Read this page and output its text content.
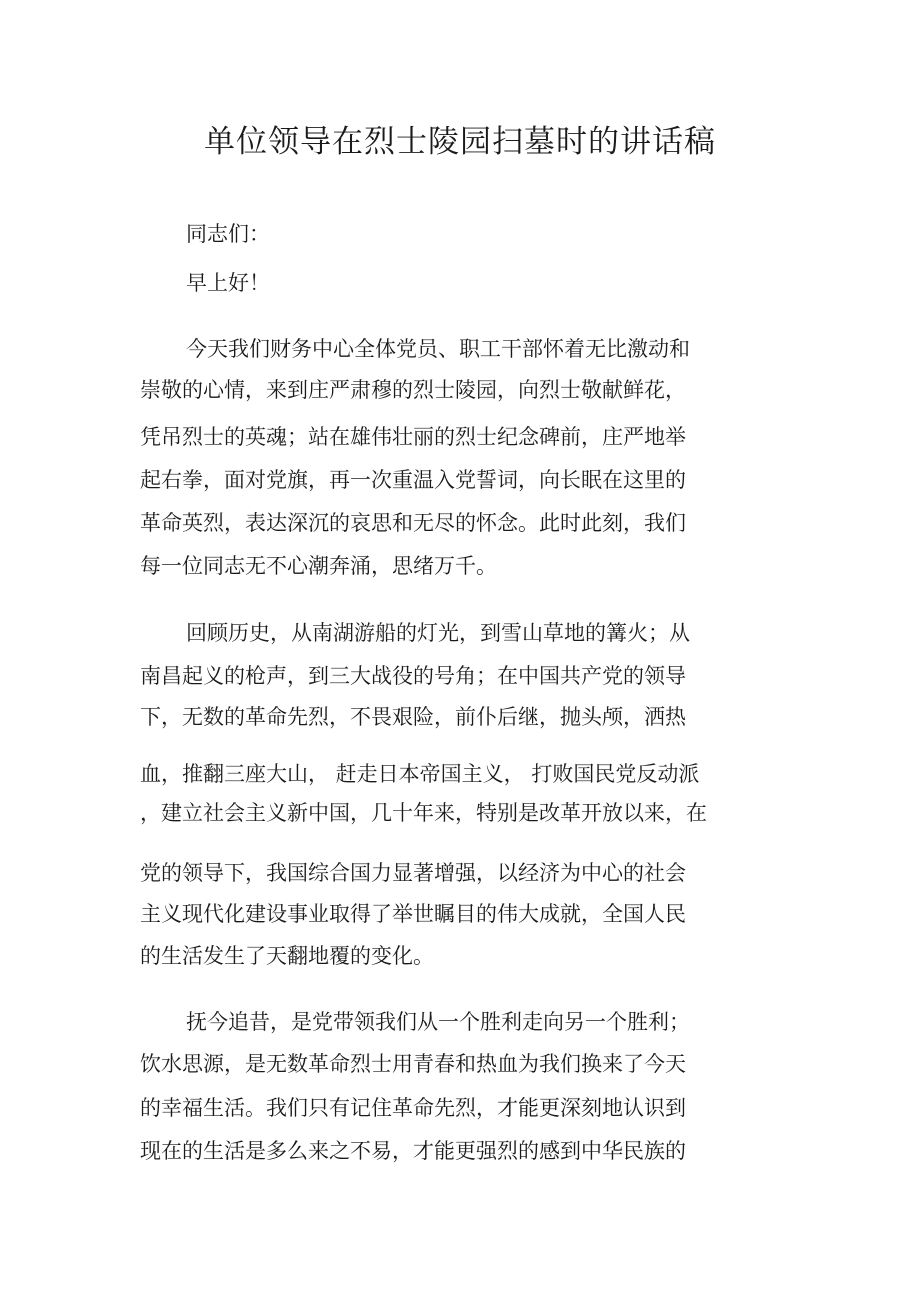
单位领导在烈士陵园扫墓时的讲话稿

同志们：

早上好！

今天我们财务中心全体党员、职工干部怀着无比激动和

崇敬的心情，来到庄严肃穆的烈士陵园，向烈士敬献鲜花，

凭吊烈士的英魂；站在雄伟壮丽的烈士纪念碑前，庄严地举

起右拳，面对党旗，再一次重温入党誓词，向长眠在这里的

革命英烈，表达深沉的哀思和无尽的怀念。此时此刻，我们

每一位同志无不心潮奔涌，思绪万千。

回顾历史，从南湖游船的灯光，到雪山草地的篝火；从

南昌起义的枪声，到三大战役的号角；在中国共产党的领导

下，无数的革命先烈，不畏艰险，前仆后继，抛头颅，洒热

血，推翻三座大山， 赶走日本帝国主义， 打败国民党反动派

，建立社会主义新中国，几十年来，特别是改革开放以来，在

党的领导下，我国综合国力显著增强，以经济为中心的社会

主义现代化建设事业取得了举世瞩目的伟大成就，全国人民

的生活发生了天翻地覆的变化。

抚今追昔，是党带领我们从一个胜利走向另一个胜利；

饮水思源，是无数革命烈士用青春和热血为我们换来了今天

的幸福生活。我们只有记住革命先烈，才能更深刻地认识到

现在的生活是多么来之不易，才能更强烈的感到中华民族的
